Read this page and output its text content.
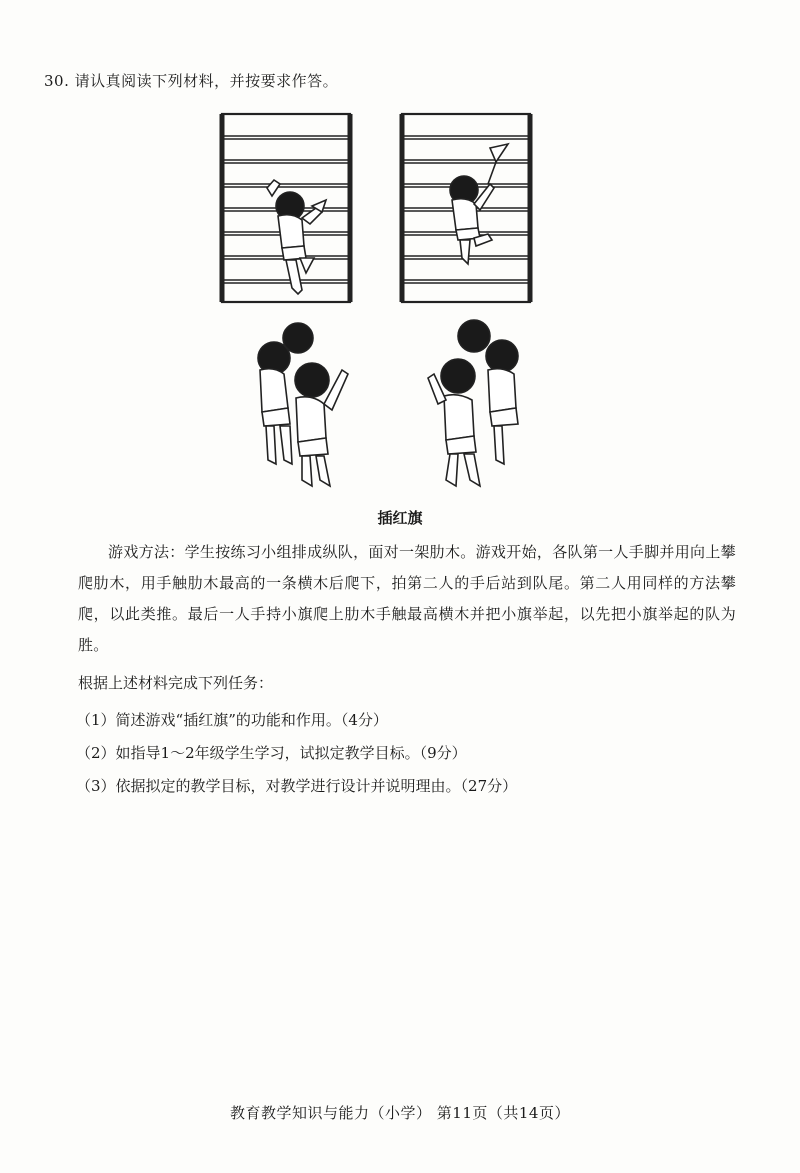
30. 请认真阅读下列材料，并按要求作答。
插红旗

游戏方法：学生按练习小组排成纵队，面对一架肋木。游戏开始，各队第一人手脚并用向上攀爬肋木，用手触肋木最高的一条横木后爬下，拍第二人的手后站到队尾。第二人用同样的方法攀爬，以此类推。最后一人手持小旗爬上肋木手触最高横木并把小旗举起，以先把小旗举起的队为胜。

根据上述材料完成下列任务：

（1）简述游戏“插红旗”的功能和作用。（4分）
（2）如指导1～2年级学生学习，试拟定教学目标。（9分）
（3）依据拟定的教学目标，对教学进行设计并说明理由。（27分）
教育教学知识与能力（小学） 第11页（共14页）
